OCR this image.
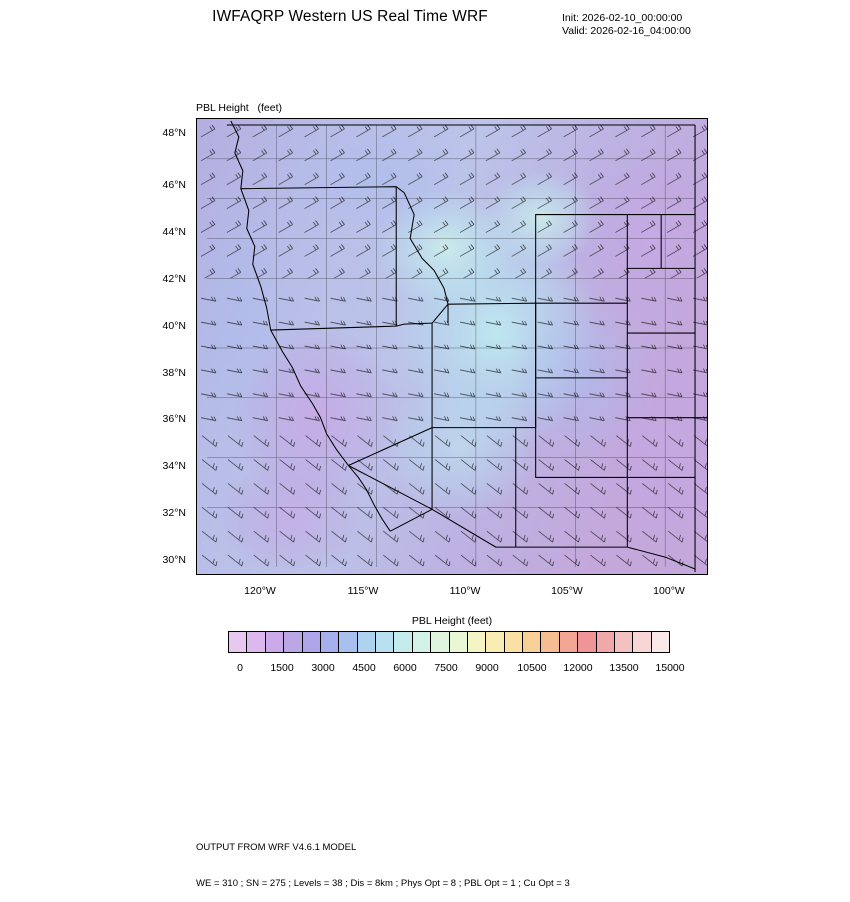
IWFAQRP Western US Real Time WRF	Init: 2026-02-10_00:00:00
Valid: 2026-02-16_04:00:00

PBL Height   (feet)

48°N
46°N
44°N
42°N
40°N
38°N
36°N
34°N
32°N
30°N
120°W	115°W	110°W	105°W	100°W
PBL Height (feet)
0	1500 3000 4500 6000 7500 9000 10500 12000 13500 15000

OUTPUT FROM WRF V4.6.1 MODEL

WE = 310 ; SN = 275 ; Levels = 38 ; Dis = 8km ; Phys Opt = 8 ; PBL Opt = 1 ; Cu Opt = 3
